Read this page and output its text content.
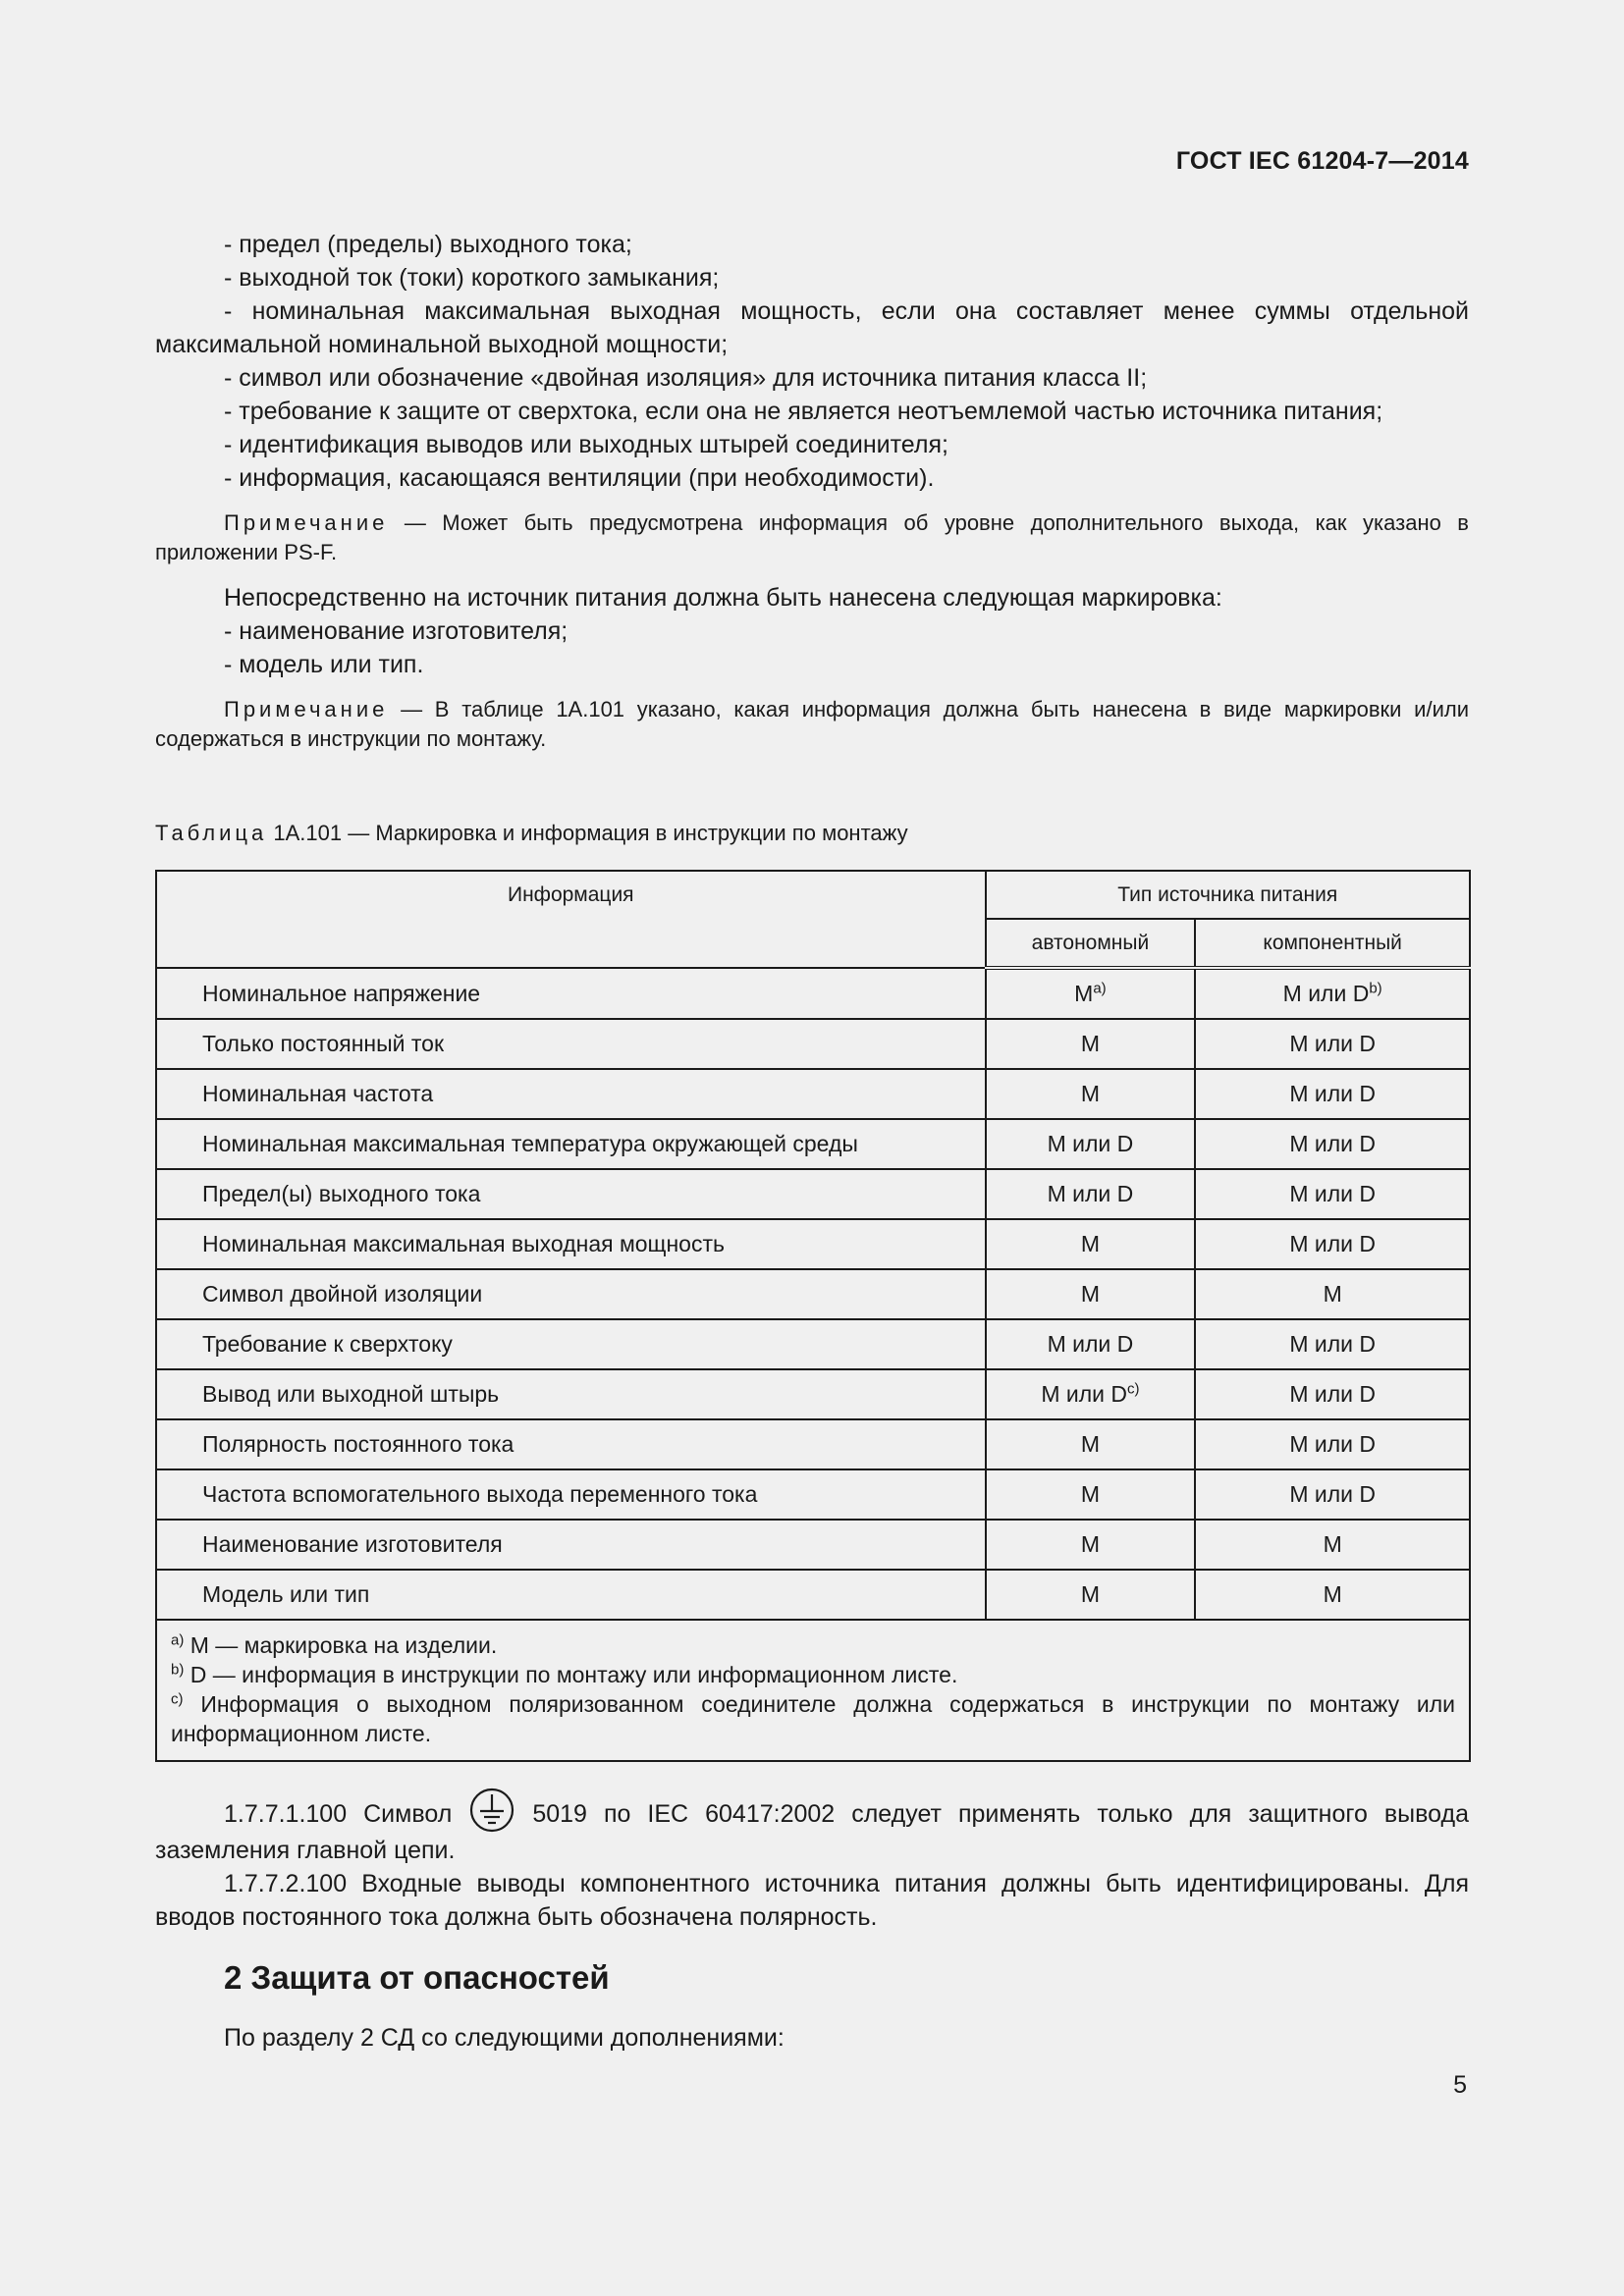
ГОСТ IEC 61204-7—2014

- предел (пределы) выходного тока;

- выходной ток (токи) короткого замыкания;

- номинальная максимальная выходная мощность, если она составляет менее суммы отдельной максимальной номинальной выходной мощности;

- символ или обозначение «двойная изоляция» для источника питания класса II;

- требование к защите от сверхтока, если она не является неотъемлемой частью источника питания;

- идентификация выводов или выходных штырей соединителя;

- информация, касающаяся вентиляции (при необходимости).

Примечание — Может быть предусмотрена информация об уровне дополнительного выхода, как указано в приложении PS-F.

Непосредственно на источник питания должна быть нанесена следующая маркировка:

- наименование изготовителя;

- модель или тип.

Примечание — В таблице 1А.101 указано, какая информация должна быть нанесена в виде маркировки и/или содержаться в инструкции по монтажу.

Таблица 1А.101 — Маркировка и информация в инструкции по монтажу
Информация	Тип источника питания	
	автономный	компонентный
Номинальное напряжение	$M^{a)}$	M или $D^{b)}$
Только постоянный ток	M	M или D
Номинальная частота	M	M или D
Номинальная максимальная температура окружающей среды	M или D	M или D
Предел(ы) выходного тока	M или D	M или D
Номинальная максимальная выходная мощность	M	M или D
Символ двойной изоляции	M	M
Требование к сверхтоку	M или D	M или D
Вывод или выходной штырь	M или $D^{c)}$	M или D
Полярность постоянного тока	M	M или D
Частота вспомогательного выхода переменного тока	M	M или D
Наименование изготовителя	M	M
Модель или тип	M	M

$^{a)}$ M — маркировка на изделии.

$^{b)}$ D — информация в инструкции по монтажу или информационном листе.

$^{c)}$ Информация о выходном поляризованном соединителе должна содержаться в инструкции по монтажу или информационном листе.		

1.7.7.1.100 Символ  5019 по IEC 60417:2002 следует применять только для защитного вывода заземления главной цепи.

1.7.7.2.100 Входные выводы компонентного источника питания должны быть идентифицированы. Для вводов постоянного тока должна быть обозначена полярность.

2 Защита от опасностей
По разделу 2 СД со следующими дополнениями:
5
